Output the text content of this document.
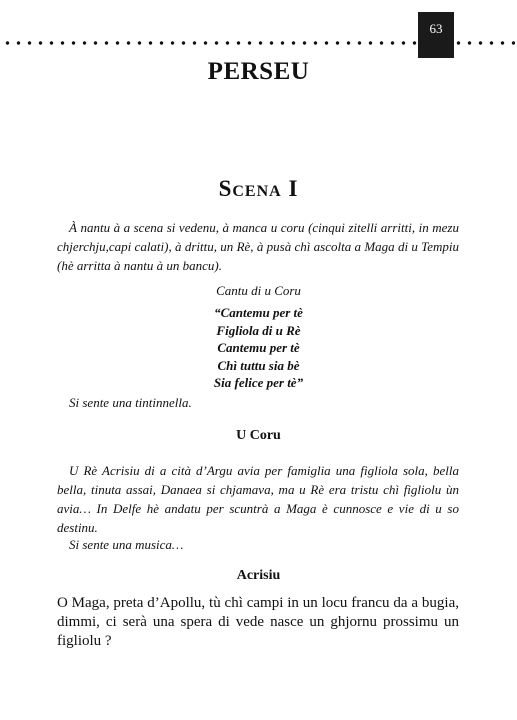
63
PERSEU
Scena I

À nantu à a scena si vedenu, à manca u coru (cinqui zitelli arritti, in mezu chjerchju,capi calati), à drittu, un Rè, à pusà chì ascolta a Maga di u Tempiu (hè arritta à nantu à un bancu).

Cantu di u Coru
“Cantemu per tè
Figliola di u Rè
Cantemu per tè
Chì tuttu sia bè
Sia felice per tè”
Si sente una tintinnella.
U Coru

U Rè Acrisiu di a cità d’Argu avia per famiglia una figliola sola, bella bella, tinuta assai, Danaea si chjamava, ma u Rè era tristu chì figliolu ùn avia… In Delfe hè andatu per scuntrà a Maga è cunnosce e vie di u so destinu.

Si sente una musica…
Acrisiu

O Maga, preta d’Apollu, tù chì campi in un locu francu da a bugia, dimmi, ci serà una spera di vede nasce un ghjornu prossimu un figliolu ?
